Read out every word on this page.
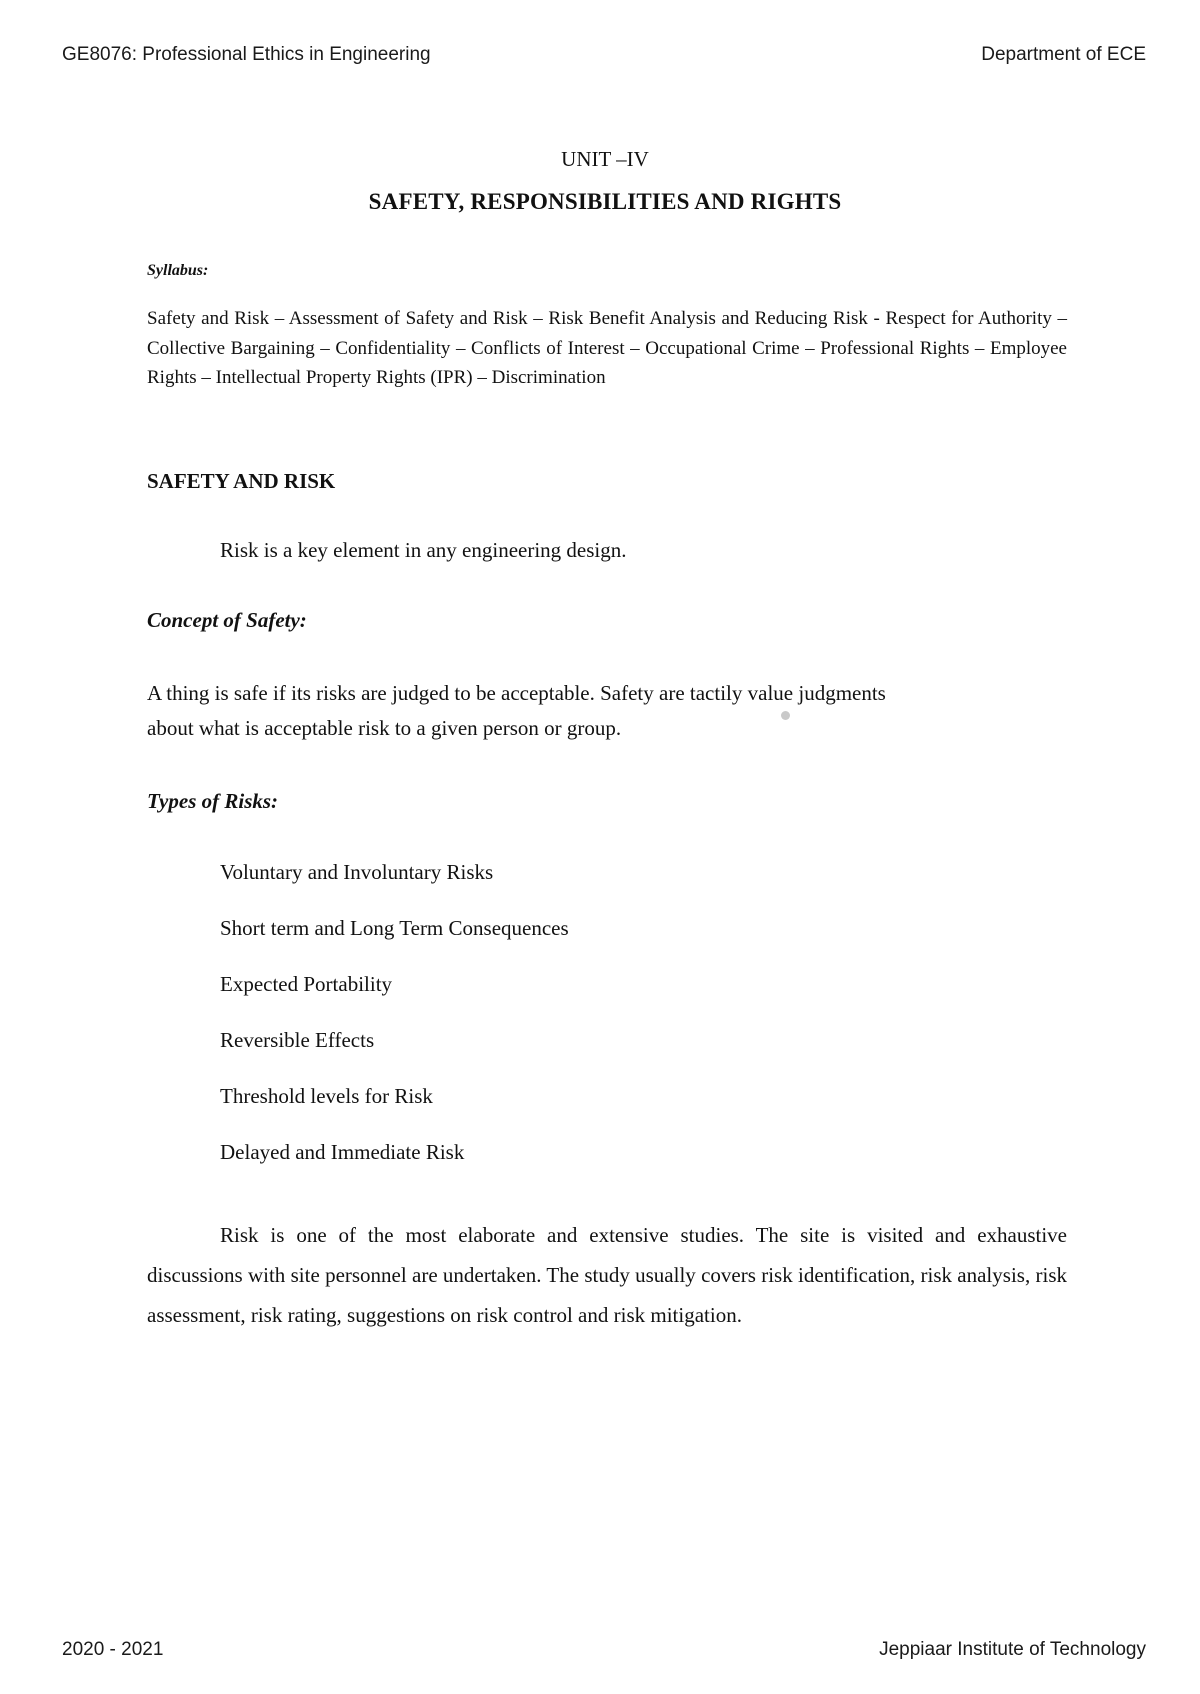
GE8076: Professional Ethics in Engineering	Department of ECE
UNIT –IV
SAFETY, RESPONSIBILITIES AND RIGHTS
Syllabus:
Safety and Risk – Assessment of Safety and Risk – Risk Benefit Analysis and Reducing Risk - Respect for Authority – Collective Bargaining – Confidentiality – Conflicts of Interest – Occupational Crime – Professional Rights – Employee Rights – Intellectual Property Rights (IPR) – Discrimination
SAFETY AND RISK
Risk is a key element in any engineering design.
Concept of Safety:
A thing is safe if its risks are judged to be acceptable. Safety are tactily value judgments
about what is acceptable risk to a given person or group.
Types of Risks:
Voluntary and Involuntary Risks
Short term and Long Term Consequences
Expected Portability
Reversible Effects
Threshold levels for Risk
Delayed and Immediate Risk
Risk is one of the most elaborate and extensive studies. The site is visited and exhaustive discussions with site personnel are undertaken. The study usually covers risk identification, risk analysis, risk assessment, risk rating, suggestions on risk control and risk mitigation.
2020 - 2021	Jeppiaar Institute of Technology
